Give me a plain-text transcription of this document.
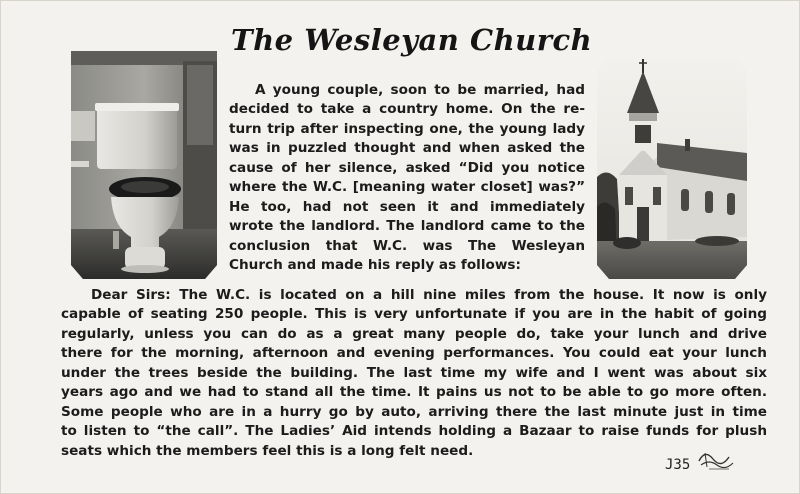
The Wesleyan Church
A young couple, soon to be married, had
decided to take a country home. On the re-
turn trip after inspecting one, the young lady
was in puzzled thought and when asked the
cause of her silence, asked “Did you notice
where the W.C. [meaning water closet] was?”
He too, had not seen it and immediately
wrote the landlord. The landlord came to the
conclusion that W.C. was The Wesleyan
Church and made his reply as follows:
Dear Sirs: The W.C. is located on a hill nine miles from the house. It now is only
capable of seating 250 people. This is very unfortunate if you are in the habit of going
regularly, unless you can do as a great many people do, take your lunch and drive
there for the morning, afternoon and evening performances. You could eat your lunch
under the trees beside the building. The last time my wife and I went was about six
years ago and we had to stand all the time. It pains us not to be able to go more often.
Some people who are in a hurry go by auto, arriving there the last minute just in time
to listen to “the call”. The Ladies’ Aid intends holding a Bazaar to raise funds for plush
seats which the members feel this is a long felt need.
J35
